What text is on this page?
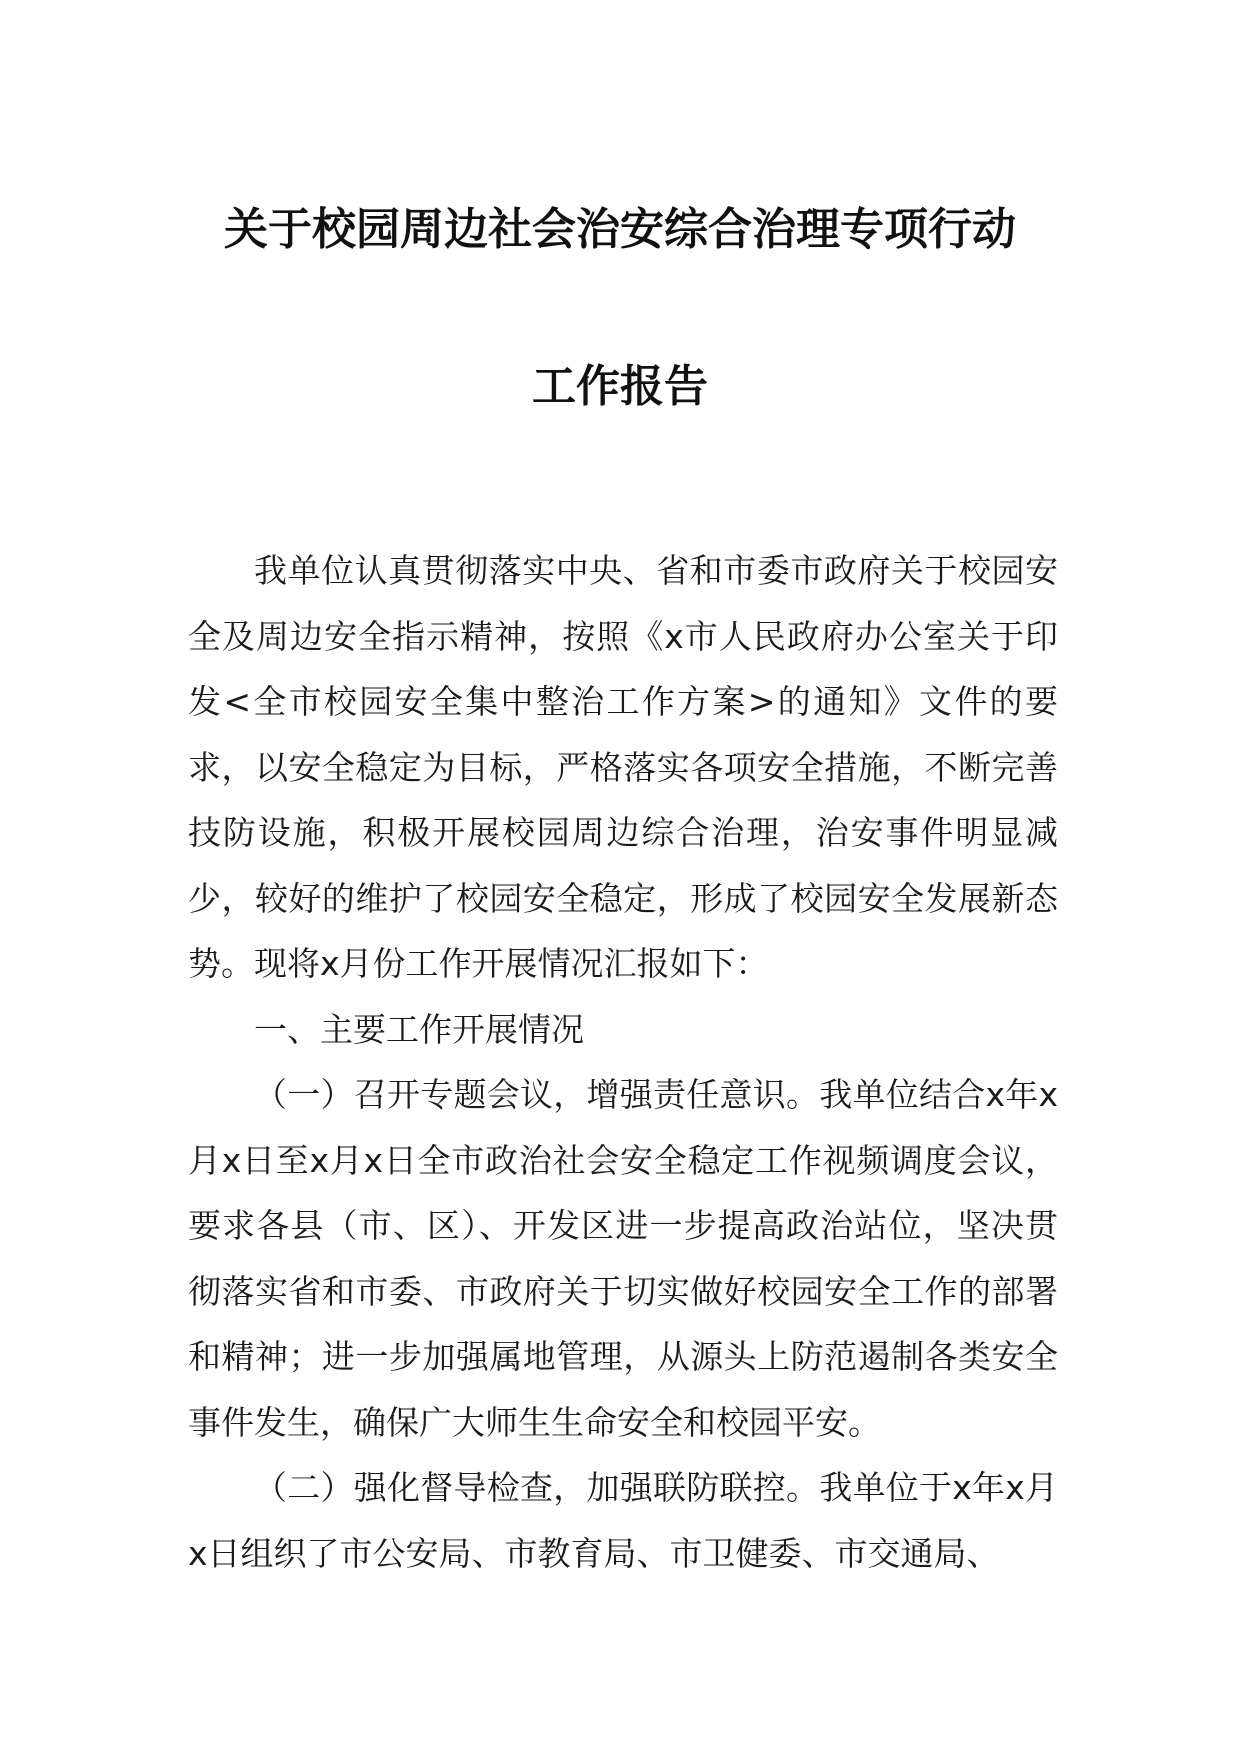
关于校园周边社会治安综合治理专项行动
工作报告

我单位认真贯彻落实中央、省和市委市政府关于校园安全及周边安全指示精神，按照《x市人民政府办公室关于印发<全市校园安全集中整治工作方案>的通知》文件的要求，以安全稳定为目标，严格落实各项安全措施，不断完善技防设施，积极开展校园周边综合治理，治安事件明显减少，较好的维护了校园安全稳定，形成了校园安全发展新态势。现将x月份工作开展情况汇报如下：

一、主要工作开展情况

（一）召开专题会议，增强责任意识。我单位结合x年x月x日至x月x日全市政治社会安全稳定工作视频调度会议，要求各县（市、区）、开发区进一步提高政治站位，坚决贯彻落实省和市委、市政府关于切实做好校园安全工作的部署和精神；进一步加强属地管理，从源头上防范遏制各类安全事件发生，确保广大师生生命安全和校园平安。

（二）强化督导检查，加强联防联控。我单位于x年x月x日组织了市公安局、市教育局、市卫健委、市交通局、
